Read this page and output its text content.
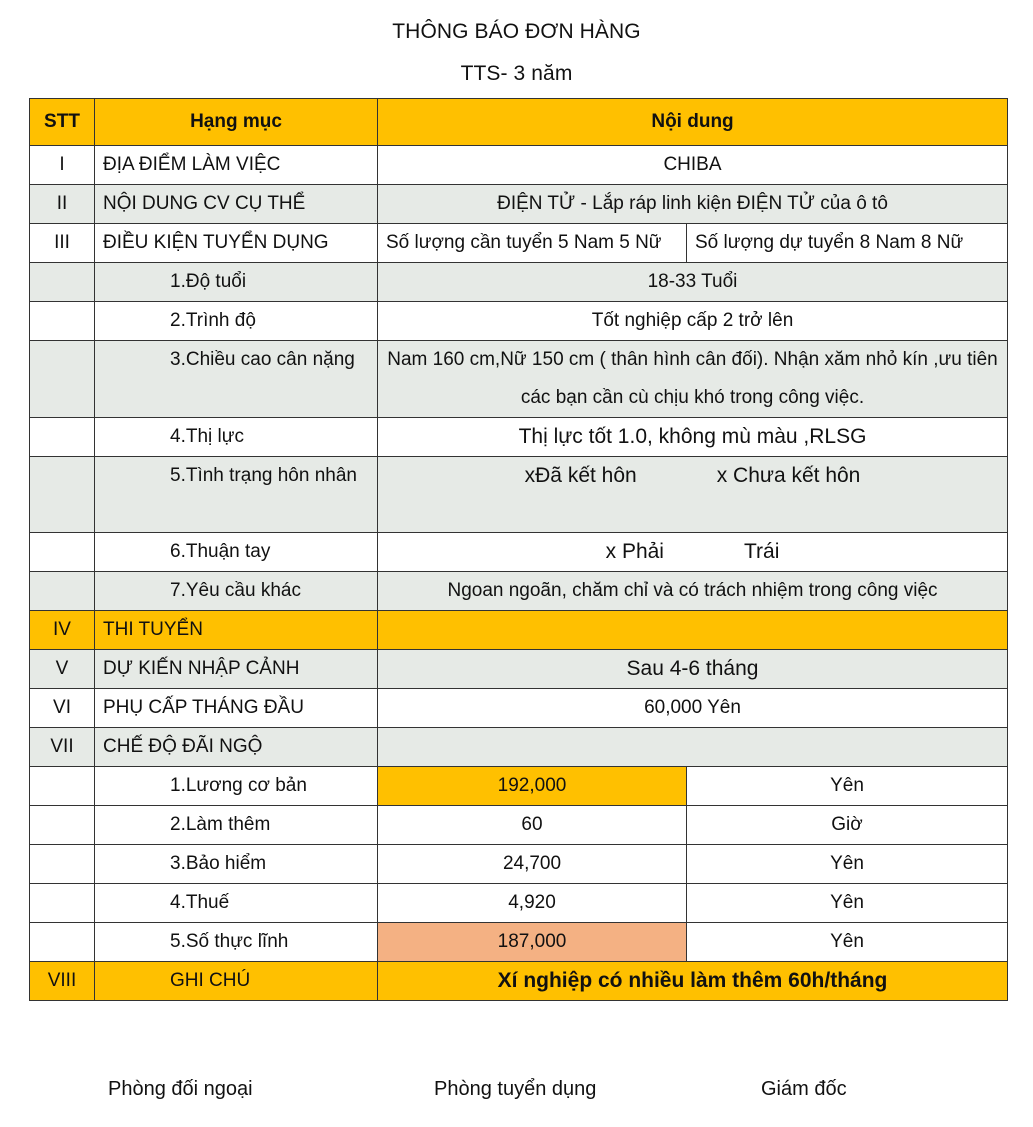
THÔNG BÁO ĐƠN HÀNG
TTS- 3 năm
STT	Hạng mục	Nội dung	
I	ĐỊA ĐIỂM LÀM VIỆC	CHIBA	
II	NỘI DUNG CV CỤ THỂ	ĐIỆN TỬ - Lắp ráp linh kiện ĐIỆN TỬ của ô tô	
III	ĐIỀU KIỆN TUYỂN DỤNG	Số lượng cần tuyển 5 Nam 5 Nữ	Số lượng dự tuyển 8 Nam 8 Nữ
	1.Độ tuổi	18-33 Tuổi	
	2.Trình độ	Tốt nghiệp cấp 2 trở lên	
	3.Chiều cao cân nặng	Nam 160 cm,Nữ 150 cm ( thân hình cân đối). Nhận xăm nhỏ kín ,ưu tiên các bạn cần cù chịu khó trong công việc.	
	4.Thị lực	Thị lực tốt 1.0, không mù màu ,RLSG	
	5.Tình trạng hôn nhân	xĐã kết hôn x Chưa kết hôn	
	6.Thuận tay	x Phải Trái	
	7.Yêu cầu khác	Ngoan ngoãn, chăm chỉ và có trách nhiệm trong công việc	
IV	THI TUYỂN		
V	DỰ KIẾN NHẬP CẢNH	Sau 4-6 tháng	
VI	PHỤ CẤP THÁNG ĐẦU	60,000 Yên	
VII	CHẾ ĐỘ ĐÃI NGỘ		
	1.Lương cơ bản	192,000	Yên
	2.Làm thêm	60	Giờ
	3.Bảo hiểm	24,700	Yên
	4.Thuế	4,920	Yên
	5.Số thực lĩnh	187,000	Yên
VIII	GHI CHÚ	Xí nghiệp có nhiều làm thêm 60h/tháng	
Phòng đối ngoại	Phòng tuyển dụng	Giám đốc
